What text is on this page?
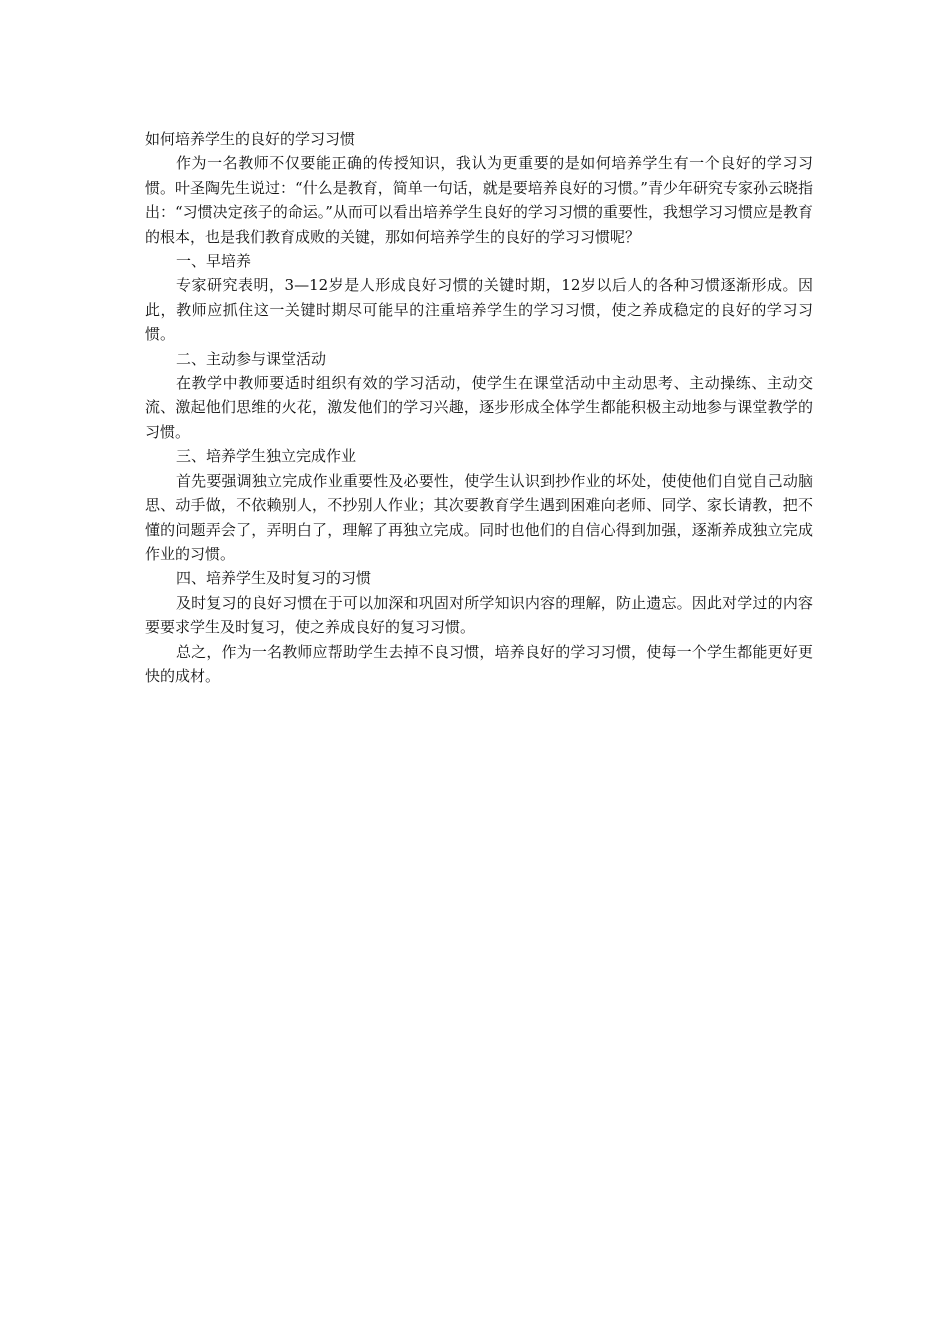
如何培养学生的良好的学习习惯

作为一名教师不仅要能正确的传授知识，我认为更重要的是如何培养学生有一个良好的学习习惯。叶圣陶先生说过：“什么是教育，简单一句话，就是要培养良好的习惯。”青少年研究专家孙云晓指出：“习惯决定孩子的命运。”从而可以看出培养学生良好的学习习惯的重要性，我想学习习惯应是教育的根本，也是我们教育成败的关键，那如何培养学生的良好的学习习惯呢？

一、早培养

专家研究表明，3—12岁是人形成良好习惯的关键时期，12岁以后人的各种习惯逐渐形成。因此，教师应抓住这一关键时期尽可能早的注重培养学生的学习习惯，使之养成稳定的良好的学习习惯。

二、主动参与课堂活动

在教学中教师要适时组织有效的学习活动，使学生在课堂活动中主动思考、主动操练、主动交流、激起他们思维的火花，激发他们的学习兴趣，逐步形成全体学生都能积极主动地参与课堂教学的习惯。

三、培养学生独立完成作业

首先要强调独立完成作业重要性及必要性，使学生认识到抄作业的坏处，使使他们自觉自己动脑思、动手做，不依赖别人，不抄别人作业；其次要教育学生遇到困难向老师、同学、家长请教，把不懂的问题弄会了，弄明白了，理解了再独立完成。同时也他们的自信心得到加强，逐渐养成独立完成作业的习惯。

四、培养学生及时复习的习惯

及时复习的良好习惯在于可以加深和巩固对所学知识内容的理解，防止遗忘。因此对学过的内容要要求学生及时复习，使之养成良好的复习习惯。

总之，作为一名教师应帮助学生去掉不良习惯，培养良好的学习习惯，使每一个学生都能更好更快的成材。
